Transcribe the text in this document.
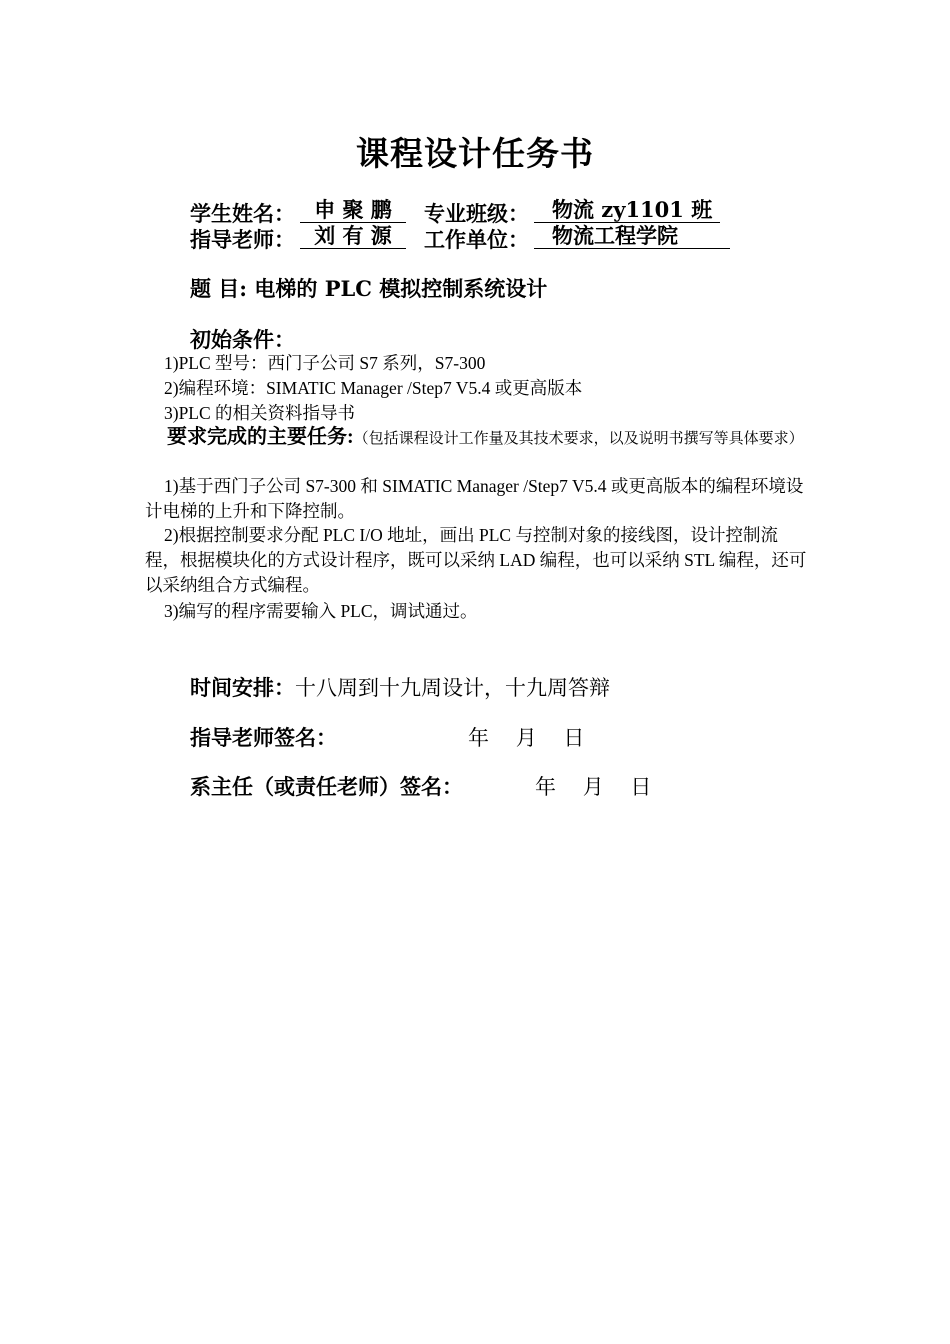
课程设计任务书
学生姓名： 申 聚 鹏	专业班级：	物流 zy1101 班
指导老师： 刘 有 源	工作单位：	物流工程学院
题 目: 电梯的 PLC 模拟控制系统设计
初始条件：
1)PLC 型号：西门子公司 S7 系列，S7-300
2)编程环境：SIMATIC Manager /Step7 V5.4 或更高版本
3)PLC 的相关资料指导书
要求完成的主要任务:（包括课程设计工作量及其技术要求，以及说明书撰写等具体要求）
1)基于西门子公司 S7-300 和 SIMATIC Manager /Step7 V5.4 或更高版本的编程环境设计电梯的上升和下降控制。
2)根据控制要求分配 PLC I/O 地址，画出 PLC 与控制对象的接线图，设计控制流程，根据模块化的方式设计程序，既可以采纳 LAD 编程，也可以采纳 STL 编程，还可以采纳组合方式编程。
3)编写的程序需要输入 PLC，调试通过。
时间安排：十八周到十九周设计，十九周答辩
指导老师签名：	年    月    日
系主任（或责任老师）签名：	年    月    日
